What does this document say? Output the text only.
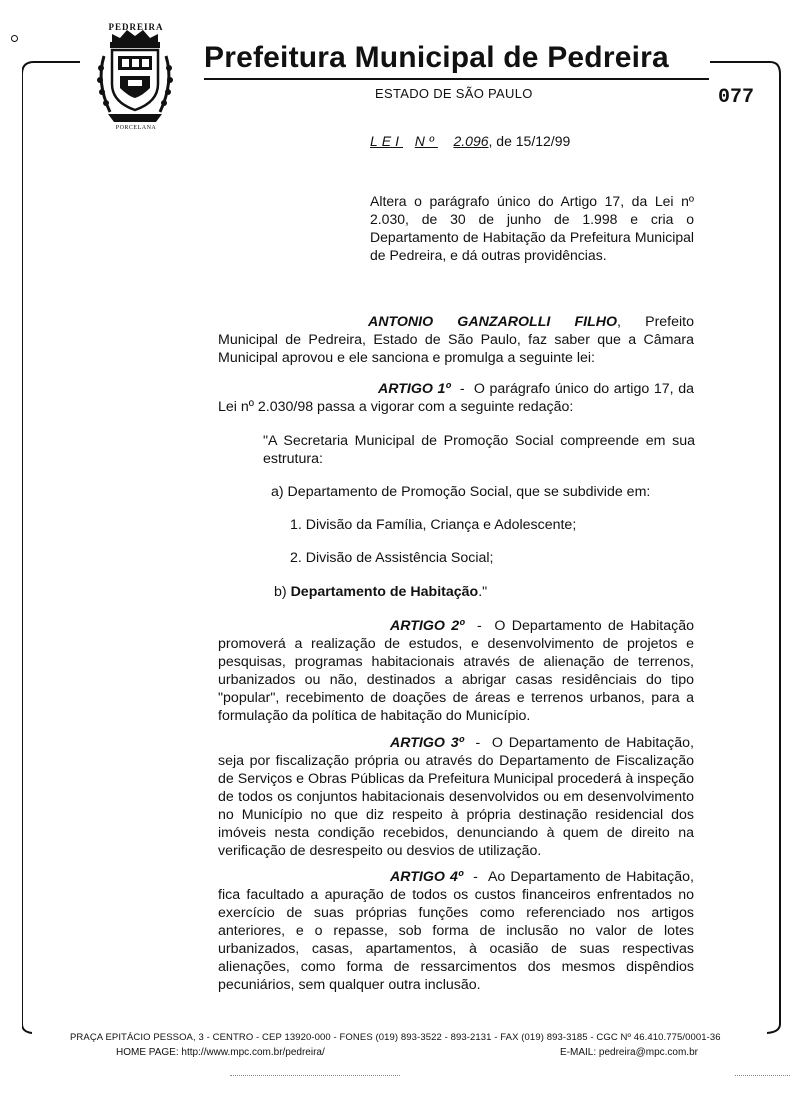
PEDREIRA
PORCELANA
Prefeitura Municipal de Pedreira
ESTADO DE SÃO PAULO	077
LEI Nº 2.096, de 15/12/99
Altera o parágrafo único do Artigo 17, da Lei nº 2.030, de 30 de junho de 1.998 e cria o Departamento de Habitação da Prefeitura Municipal de Pedreira, e dá outras providências.
ANTONIO GANZAROLLI FILHO, Prefeito Municipal de Pedreira, Estado de São Paulo, faz saber que a Câmara Municipal aprovou e ele sanciona e promulga a seguinte lei:
ARTIGO 1º  -  O parágrafo único do artigo 17, da Lei nº 2.030/98 passa a vigorar com a seguinte redação:
"A Secretaria Municipal de Promoção Social compreende em sua estrutura:
a) Departamento de Promoção Social, que se subdivide em:
1. Divisão da Família, Criança e Adolescente;
2. Divisão de Assistência Social;
b) Departamento de Habitação."
ARTIGO 2º  -  O Departamento de Habitação promoverá a realização de estudos, e desenvolvimento de projetos e pesquisas, programas habitacionais através de alienação de terrenos, urbanizados ou não, destinados a abrigar casas residênciais do tipo "popular", recebimento de doações de áreas e terrenos urbanos, para a formulação da política de habitação do Município.
ARTIGO 3º  -  O Departamento de Habitação, seja por fiscalização própria ou através do Departamento de Fiscalização de Serviços e Obras Públicas da Prefeitura Municipal procederá à inspeção de todos os conjuntos habitacionais desenvolvidos ou em desenvolvimento no Município no que diz respeito à própria destinação residencial dos imóveis nesta condição recebidos, denunciando à quem de direito na verificação de desrespeito ou desvios de utilização.
ARTIGO 4º  -  Ao Departamento de Habitação, fica facultado a apuração de todos os custos financeiros enfrentados no exercício de suas próprias funções como referenciado nos artigos anteriores, e o repasse, sob forma de inclusão no valor de lotes urbanizados, casas, apartamentos, à ocasião de suas respectivas alienações, como forma de ressarcimentos dos mesmos dispêndios pecuniários, sem qualquer outra inclusão.
PRAÇA EPITÁCIO PESSOA, 3 - CENTRO - CEP 13920-000 - FONES (019) 893-3522 - 893-2131 - FAX (019) 893-3185 - CGC Nº 46.410.775/0001-36
HOME PAGE: http://www.mpc.com.br/pedreira/	E-MAIL: pedreira@mpc.com.br
